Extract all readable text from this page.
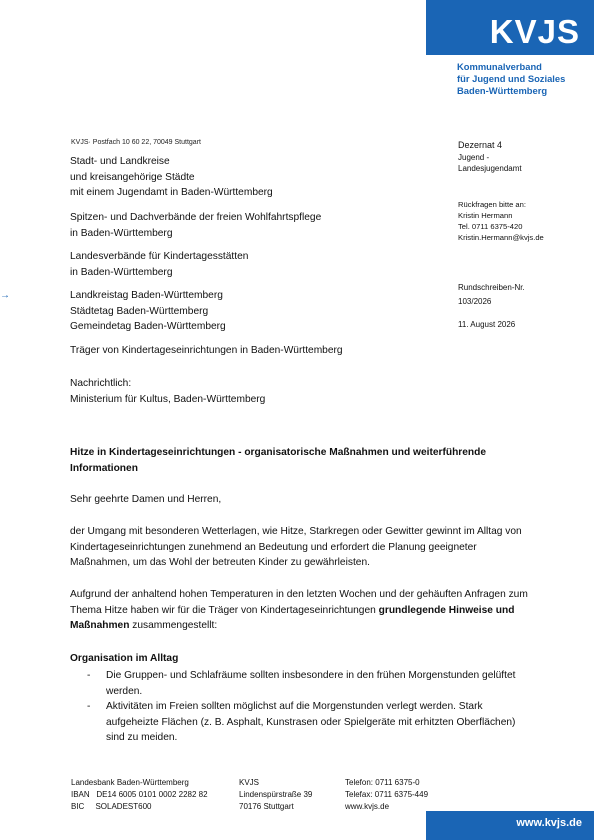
KVJS
Kommunalverband
für Jugend und Soziales
Baden-Württemberg
KVJS· Postfach 10 60 22, 70049 Stuttgart
Stadt- und Landkreise
und kreisangehörige Städte
mit einem Jugendamt in Baden-Württemberg
Spitzen- und Dachverbände der freien Wohlfahrtspflege
in Baden-Württemberg
Landesverbände für Kindertagesstätten
in Baden-Württemberg
→	Landkreistag Baden-Württemberg
Städtetag Baden-Württemberg
Gemeindetag Baden-Württemberg
Träger von Kindertageseinrichtungen in Baden-Württemberg
Nachrichtlich:
Ministerium für Kultus, Baden-Württemberg
Dezernat 4
Jugend -
Landesjugendamt
Rückfragen bitte an:
Kristin Hermann
Tel. 0711 6375-420
Kristin.Hermann@kvjs.de
Rundschreiben-Nr.
103/2026
11. August 2026
Hitze in Kindertageseinrichtungen - organisatorische Maßnahmen und weiterführende Informationen
Sehr geehrte Damen und Herren,
der Umgang mit besonderen Wetterlagen, wie Hitze, Starkregen oder Gewitter gewinnt im Alltag von Kindertageseinrichtungen zunehmend an Bedeutung und erfordert die Planung geeigneter Maßnahmen, um das Wohl der betreuten Kinder zu gewährleisten.
Aufgrund der anhaltend hohen Temperaturen in den letzten Wochen und der gehäuften Anfragen zum Thema Hitze haben wir für die Träger von Kindertageseinrichtungen grundlegende Hinweise und Maßnahmen zusammengestellt:
Organisation im Alltag
- Die Gruppen- und Schlafräume sollten insbesondere in den frühen Morgenstunden gelüftet werden.
- Aktivitäten im Freien sollten möglichst auf die Morgenstunden verlegt werden. Stark aufgeheizte Flächen (z. B. Asphalt, Kunstrasen oder Spielgeräte mit erhitzten Oberflächen) sind zu meiden.
Landesbank Baden-Württemberg
IBAN   DE14 6005 0101 0002 2282 82
BIC     SOLADEST600
KVJS
Lindenspürstraße 39
70176 Stuttgart
Telefon: 0711 6375-0
Telefax: 0711 6375-449
www.kvjs.de
www.kvjs.de
